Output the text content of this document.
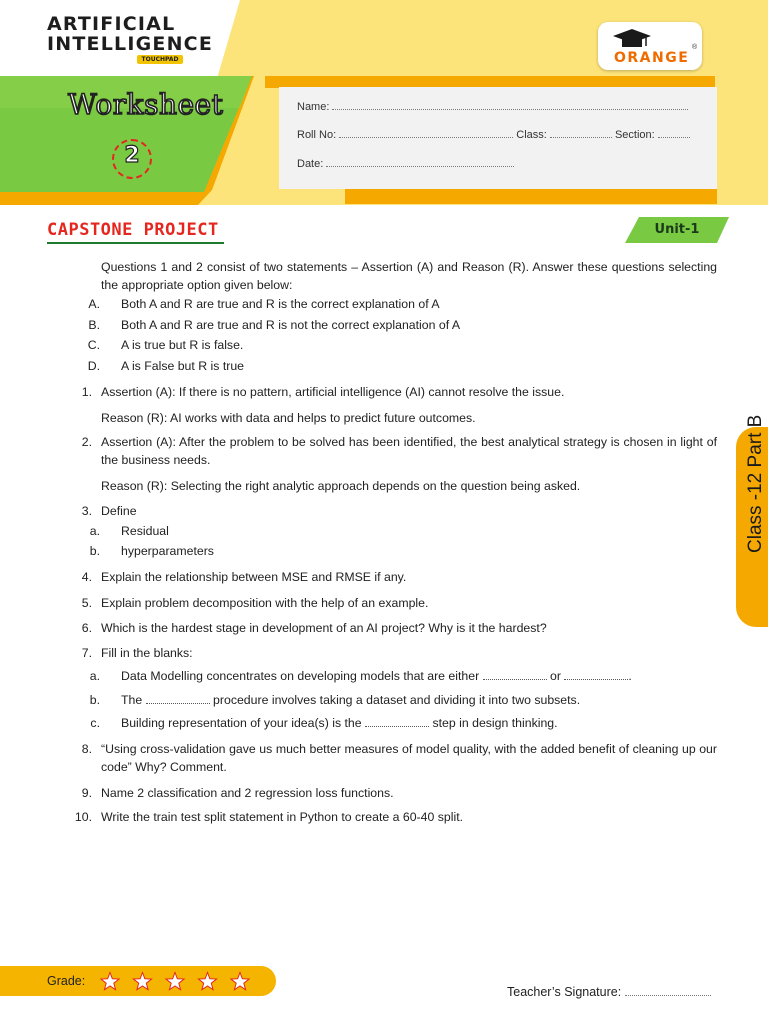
ARTIFICIAL
INTELLIGENCE
TOUCHPAD	ORANGE
®
Worksheet
2
Name:
Roll No:	Class:	Section:
Date:
CAPSTONE PROJECT	Unit-1
Questions 1 and 2 consist of two statements – Assertion (A) and Reason (R). Answer these questions selecting the appropriate option given below:
A. Both A and R are true and R is the correct explanation of A
B. Both A and R are true and R is not the correct explanation of A
C. A is true but R is false.
D. A is False but R is true
1. Assertion (A): If there is no pattern, artificial intelligence (AI) cannot resolve the issue.
Reason (R): AI works with data and helps to predict future outcomes.
2. Assertion (A): After the problem to be solved has been identified, the best analytical strategy is chosen in light of the business needs.
Reason (R): Selecting the right analytic approach depends on the question being asked.
3. Define
a. Residual
b. hyperparameters
4. Explain the relationship between MSE and RMSE if any.
5. Explain problem decomposition with the help of an example.
6. Which is the hardest stage in development of an AI project? Why is it the hardest?
7. Fill in the blanks:
a. Data Modelling concentrates on developing models that are either	or	.
b. The	procedure involves taking a dataset and dividing it into two subsets.
c. Building representation of your idea(s) is the	step in design thinking.
8. “Using cross-validation gave us much better measures of model quality, with the added benefit of cleaning up our code” Why? Comment.
9. Name 2 classification and 2 regression loss functions.
10. Write the train test split statement in Python to create a 60-40 split.
Grade:
Teacher’s Signature:
